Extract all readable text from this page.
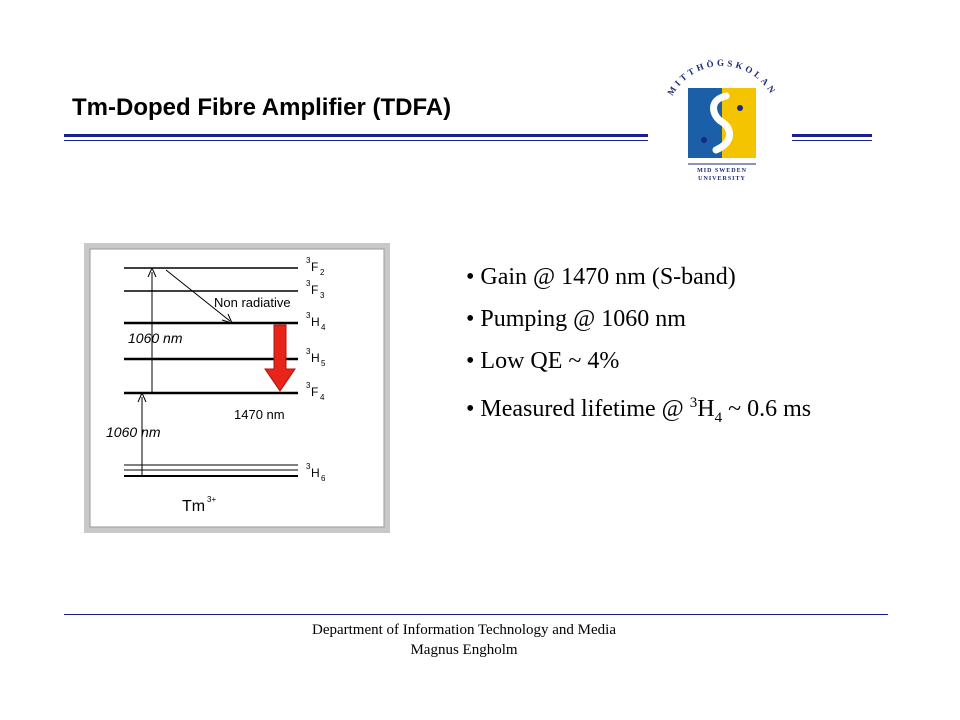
Tm-Doped Fibre Amplifier (TDFA)
MITTHÖGSKOLAN
MID SWEDEN
UNIVERSITY
Non radiative
1060 nm
1470 nm
1060 nm
3 F 2
3 F 3
3 H 4
3 H 5
3 F 4
3 H 6
Tm 3+
• Gain @ 1470 nm (S-band)
• Pumping @ 1060 nm
• Low QE ~ 4%
• Measured lifetime @ $^3H_4$ ~ 0.6 ms
Department of Information Technology and Media
Magnus Engholm
